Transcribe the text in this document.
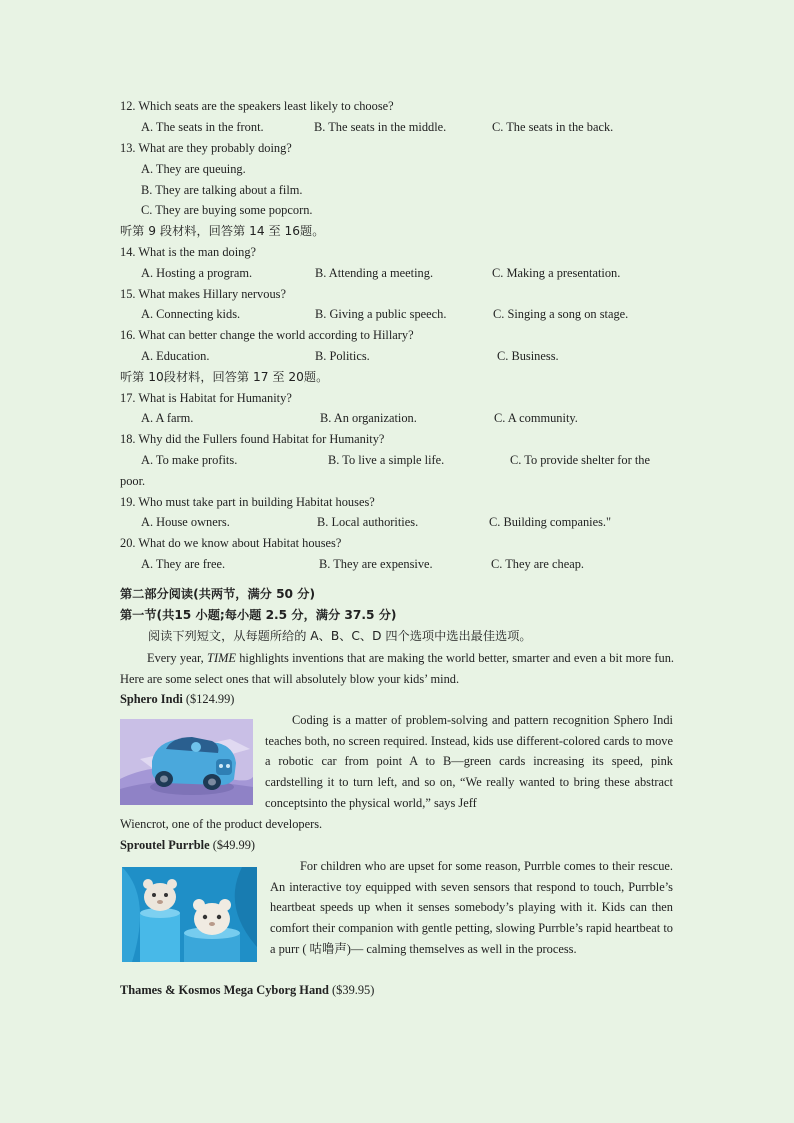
12. Which seats are the speakers least likely to choose?
A. The seats in the front.	B. The seats in the middle.	C. The seats in the back.
13. What are they probably doing?
A. They are queuing.
B. They are talking about a film.
C. They are buying some popcorn.
听第 9 段材料，回答第 14 至 16题。
14. What is the man doing?
A. Hosting a program.	B. Attending a meeting.	C. Making a presentation.
15. What makes Hillary nervous?
A. Connecting kids.	B. Giving a public speech.	C. Singing a song on stage.
16. What can better change the world according to Hillary?
A. Education.	B. Politics.	C. Business.
听第 10段材料，回答第 17 至 20题。
17. What is Habitat for Humanity?
A. A farm.	B. An organization.	C. A community.
18. Why did the Fullers found Habitat for Humanity?
A. To make profits.	B. To live a simple life.	C. To provide shelter for the
poor.
19. Who must take part in building Habitat houses?
A. House owners.	B. Local authorities.	C. Building companies."
20. What do we know about Habitat houses?
A. They are free.	B. They are expensive.	C. They are cheap.
第二部分阅读(共两节，满分 50 分)
第一节(共15 小题;每小题 2.5 分，满分 37.5 分)
阅读下列短文，从每题所给的 A、B、C、D 四个选项中选出最佳选项。
Every year, TIME highlights inventions that are making the world better, smarter and even a bit more fun. Here are some select ones that will absolutely blow your kids’ mind.
Sphero Indi ($124.99)
Coding is a matter of problem-solving and pattern recognition Sphero Indi teaches both, no screen required. Instead, kids use different-colored cards to move a robotic car from point A to B—green cards increasing its speed, pink cardstelling it to turn left, and so on, “We really wanted to bring these abstract conceptsinto the physical world,” says Jeff
Wiencrot, one of the product developers.
Sproutel Purrble ($49.99)
For children who are upset for some reason, Purrble comes to their rescue. An interactive toy equipped with seven sensors that respond to touch, Purrble’s heartbeat speeds up when it senses somebody’s playing with it. Kids can then comfort their companion with gentle petting, slowing Purrble’s rapid heartbeat to a purr ( 咕噜声)— calming themselves as well in the process.
Thames & Kosmos Mega Cyborg Hand ($39.95)
